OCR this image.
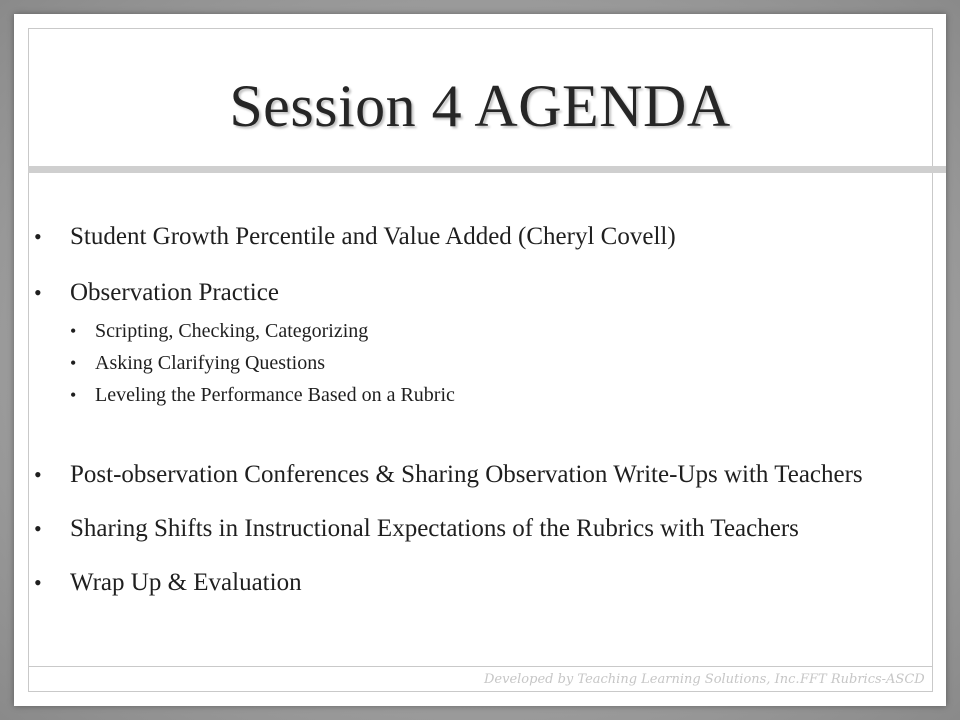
Session 4 AGENDA
• Student Growth Percentile and Value Added (Cheryl Covell)
• Observation Practice
• Scripting, Checking, Categorizing
• Asking Clarifying Questions
• Leveling the Performance Based on a Rubric
• Post-observation Conferences & Sharing Observation Write-Ups with Teachers
• Sharing Shifts in Instructional Expectations of the Rubrics with Teachers
• Wrap Up & Evaluation
Developed by Teaching Learning Solutions, Inc. FFT Rubrics-ASCD
